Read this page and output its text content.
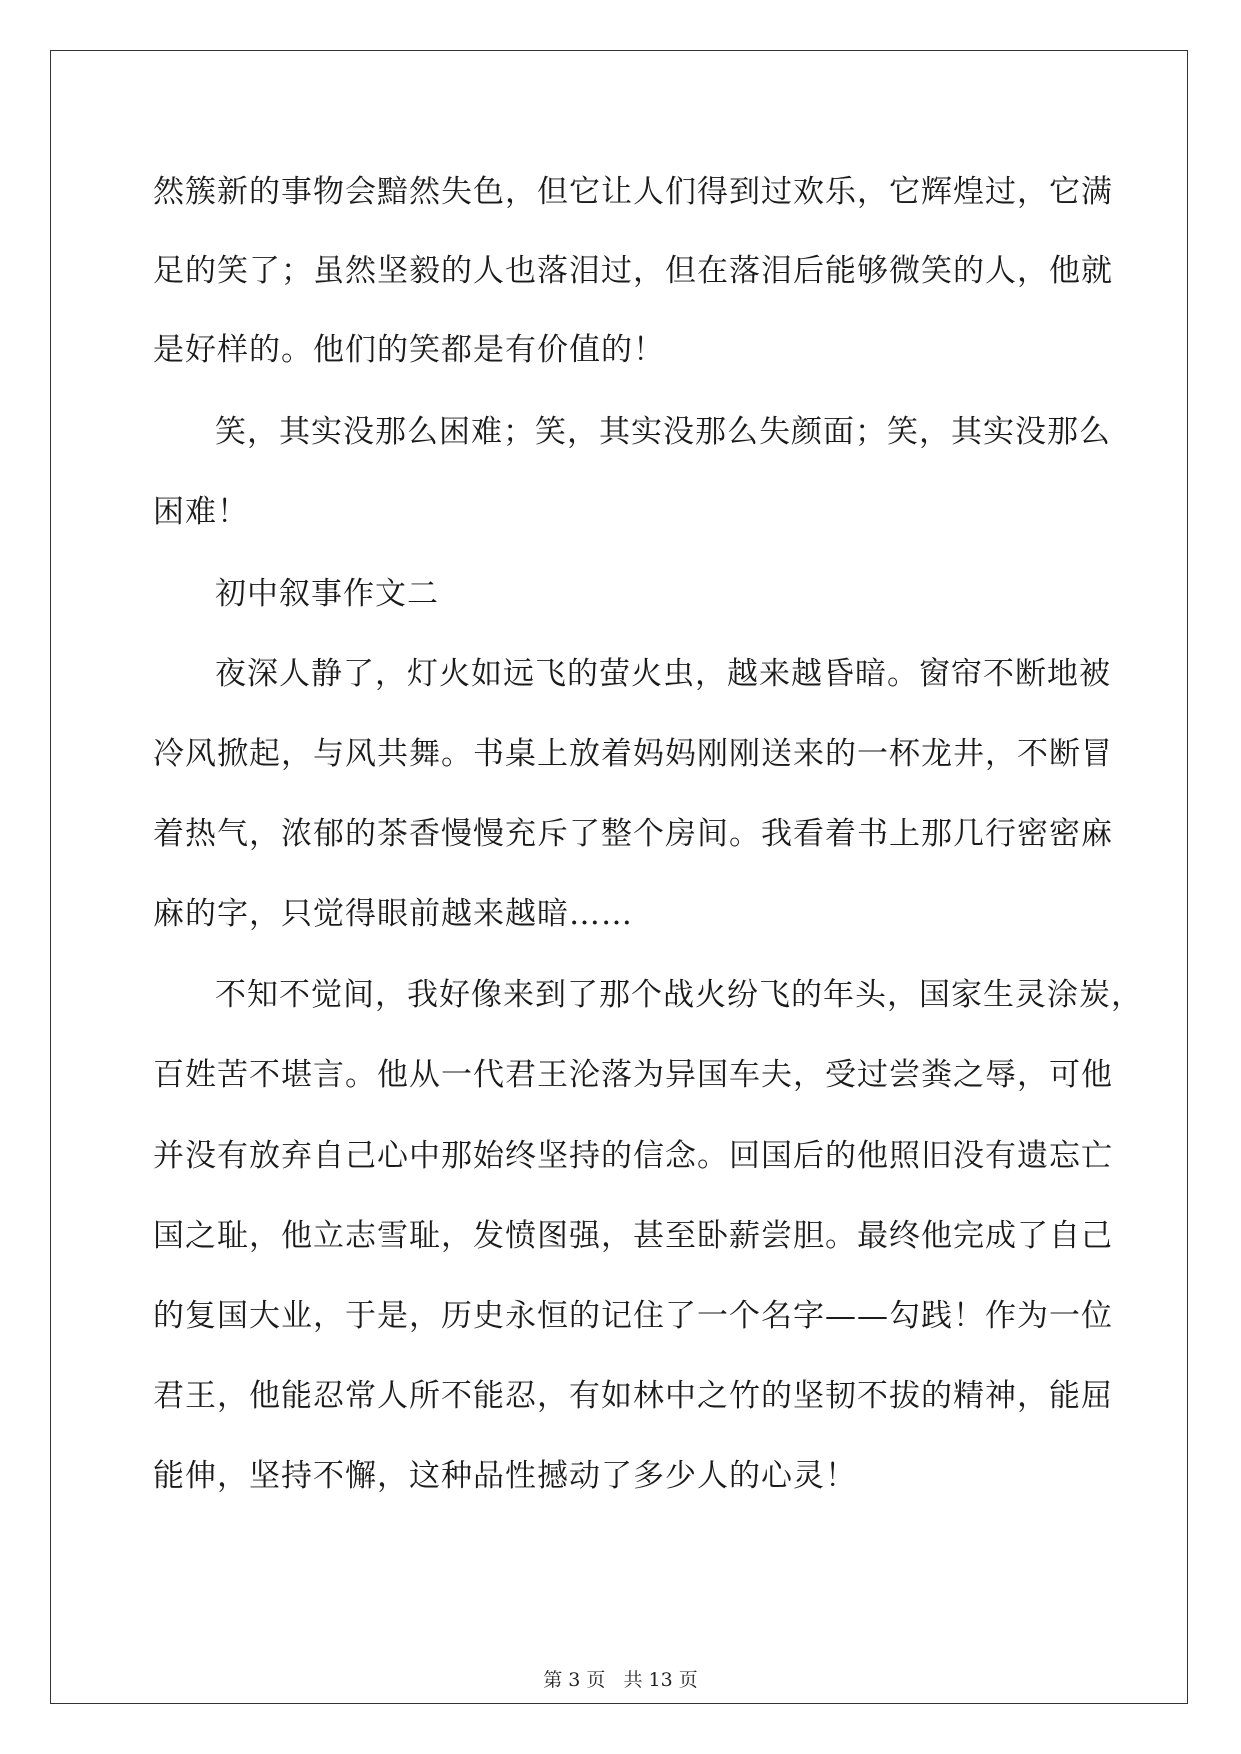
然簇新的事物会黯然失色，但它让人们得到过欢乐，它辉煌过，它满
足的笑了；虽然坚毅的人也落泪过，但在落泪后能够微笑的人，他就
是好样的。他们的笑都是有价值的！
笑，其实没那么困难；笑，其实没那么失颜面；笑，其实没那么
困难！
初中叙事作文二
夜深人静了，灯火如远飞的萤火虫，越来越昏暗。窗帘不断地被
冷风掀起，与风共舞。书桌上放着妈妈刚刚送来的一杯龙井，不断冒
着热气，浓郁的茶香慢慢充斥了整个房间。我看着书上那几行密密麻
麻的字，只觉得眼前越来越暗……
不知不觉间，我好像来到了那个战火纷飞的年头，国家生灵涂炭，
百姓苦不堪言。他从一代君王沦落为异国车夫，受过尝粪之辱，可他
并没有放弃自己心中那始终坚持的信念。回国后的他照旧没有遗忘亡
国之耻，他立志雪耻，发愤图强，甚至卧薪尝胆。最终他完成了自己
的复国大业，于是，历史永恒的记住了一个名字——勾践！作为一位
君王，他能忍常人所不能忍，有如林中之竹的坚韧不拔的精神，能屈
能伸，坚持不懈，这种品性撼动了多少人的心灵！
第 3 页 共 13 页
